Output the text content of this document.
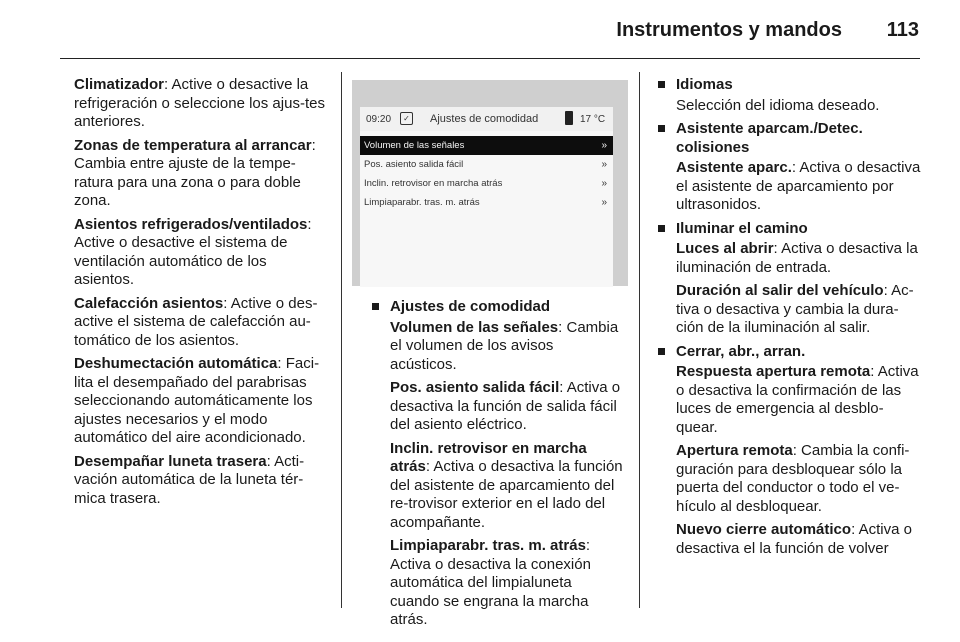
Instrumentos y mandos 113

Climatizador: Active o desactive la refrigeración o seleccione los ajus-tes anteriores.

Zonas de temperatura al arrancar: Cambia entre ajuste de la tempe-ratura para una zona o para doble zona.

Asientos refrigerados/ventilados: Active o desactive el sistema de ventilación automático de los asientos.

Calefacción asientos: Active o des-active el sistema de calefacción au-tomático de los asientos.

Deshumectación automática: Faci-lita el desempañado del parabrisas seleccionando automáticamente los ajustes necesarios y el modo automático del aire acondicionado.

Desempañar luneta trasera: Acti-vación automática de la luneta tér-mica trasera.

09:20	✓ Ajustes de comodidad	17 °C
Volumen de las señales	»
Pos. asiento salida fácil	»
Inclin. retrovisor en marcha atrás	»
Limpiaparabr. tras. m. atrás	»
Ajustes de comodidad
Volumen de las señales: Cambia el volumen de los avisos acústicos.
Pos. asiento salida fácil: Activa o desactiva la función de salida fácil del asiento eléctrico.
Inclin. retrovisor en marcha atrás: Activa o desactiva la función del asistente de aparcamiento del re-trovisor exterior en el lado del acompañante.
Limpiaparabr. tras. m. atrás: Activa o desactiva la conexión automática del limpialuneta cuando se engrana la marcha atrás.
Idiomas
Selección del idioma deseado.
Asistente aparcam./Detec. colisiones
Asistente aparc.: Activa o desactiva el asistente de aparcamiento por ultrasonidos.
Iluminar el camino
Luces al abrir: Activa o desactiva la iluminación de entrada.
Duración al salir del vehículo: Ac-tiva o desactiva y cambia la dura-ción de la iluminación al salir.
Cerrar, abr., arran.
Respuesta apertura remota: Activa o desactiva la confirmación de las luces de emergencia al desblo-quear.
Apertura remota: Cambia la confi-guración para desbloquear sólo la puerta del conductor o todo el ve-hículo al desbloquear.
Nuevo cierre automático: Activa o desactiva el la función de volver
